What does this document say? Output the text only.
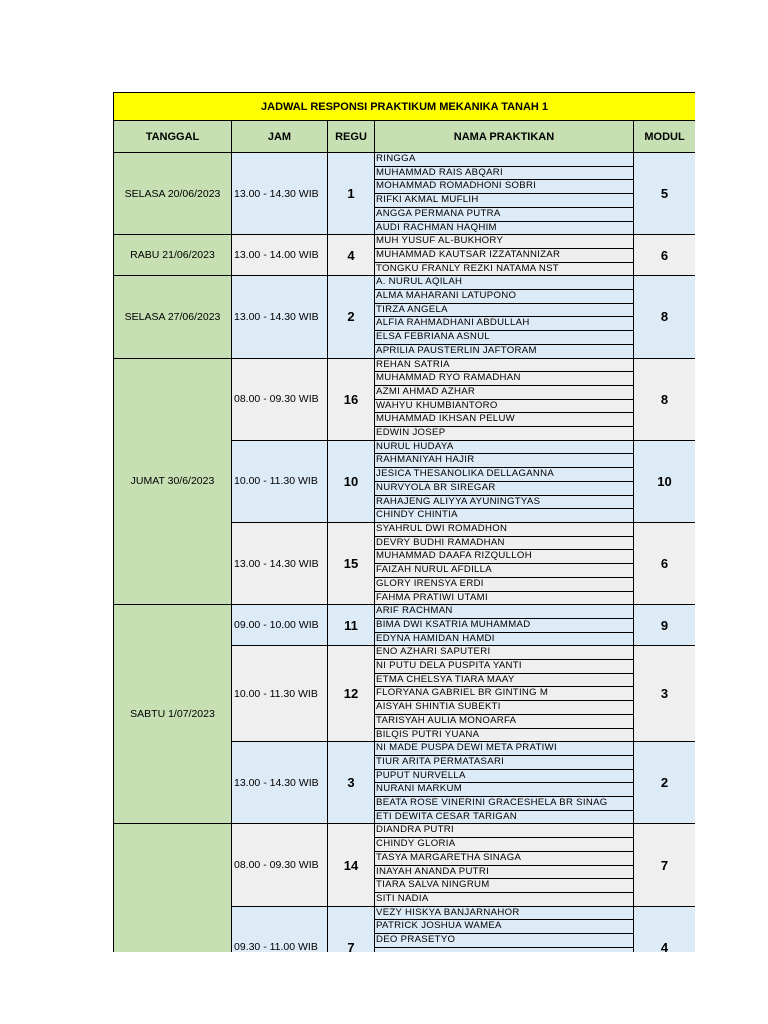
JADWAL RESPONSI PRAKTIKUM MEKANIKA TANAH 1				
TANGGAL	JAM	REGU	NAMA PRAKTIKAN	MODUL
SELASA 20/06/2023	13.00 - 14.30 WIB	1	RINGGA	5
			MUHAMMAD RAIS ABQARI	
			MOHAMMAD ROMADHONI SOBRI	
			RIFKI AKMAL MUFLIH	
			ANGGA PERMANA PUTRA	
			AUDI RACHMAN HAQHIM	
RABU 21/06/2023	13.00 - 14.00 WIB	4	MUH YUSUF AL-BUKHORY	6
			MUHAMMAD KAUTSAR IZZATANNIZAR	
			TONGKU FRANLY REZKI NATAMA NST	
SELASA 27/06/2023	13.00 - 14.30 WIB	2	A. NURUL AQILAH	8
			ALMA MAHARANI LATUPONO	
			TIRZA ANGELA	
			ALFIA RAHMADHANI ABDULLAH	
			ELSA FEBRIANA ASNUL	
			APRILIA PAUSTERLIN JAFTORAM	
JUMAT 30/6/2023	08.00 - 09.30 WIB	16	REHAN SATRIA	8
			MUHAMMAD RYO RAMADHAN	
			AZMI AHMAD AZHAR	
			WAHYU KHUMBIANTORO	
			MUHAMMAD IKHSAN PELUW	
			EDWIN JOSEP	
	10.00 - 11.30 WIB	10	NURUL HUDAYA	10
			RAHMANIYAH HAJIR	
			JESICA THESANOLIKA DELLAGANNA	
			NURVYOLA BR SIREGAR	
			RAHAJENG ALIYYA AYUNINGTYAS	
			CHINDY CHINTIA	
	13.00 - 14.30 WIB	15	SYAHRUL DWI ROMADHON	6
			DEVRY BUDHI RAMADHAN	
			MUHAMMAD DAAFA RIZQULLOH	
			FAIZAH NURUL AFDILLA	
			GLORY IRENSYA ERDI	
			FAHMA PRATIWI UTAMI	
SABTU 1/07/2023	09.00 - 10.00 WIB	11	ARIF RACHMAN	9
			BIMA DWI KSATRIA MUHAMMAD	
			EDYNA HAMIDAN HAMDI	
	10.00 - 11.30 WIB	12	ENO AZHARI SAPUTERI	3
			NI PUTU DELA PUSPITA YANTI	
			ETMA CHELSYA TIARA MAAY	
			FLORYANA GABRIEL BR GINTING M	
			AISYAH SHINTIA SUBEKTI	
			TARISYAH AULIA MONOARFA	
			BILQIS PUTRI YUANA	
	13.00 - 14.30 WIB	3	NI MADE PUSPA DEWI META PRATIWI	2
			TIUR ARITA PERMATASARI	
			PUPUT NURVELLA	
			NURANI MARKUM	
			BEATA ROSE VINERINI GRACESHELA BR SINAG	
			ETI DEWITA CESAR TARIGAN	
	08.00 - 09.30 WIB	14	DIANDRA PUTRI	7
			CHINDY GLORIA	
			TASYA MARGARETHA SINAGA	
			INAYAH ANANDA PUTRI	
			TIARA SALVA NINGRUM	
			SITI NADIA	
	09.30 - 11.00 WIB	7	VEZY HISKYA BANJARNAHOR	4
			PATRICK JOSHUA WAMEA	
			DEO PRASETYO	
